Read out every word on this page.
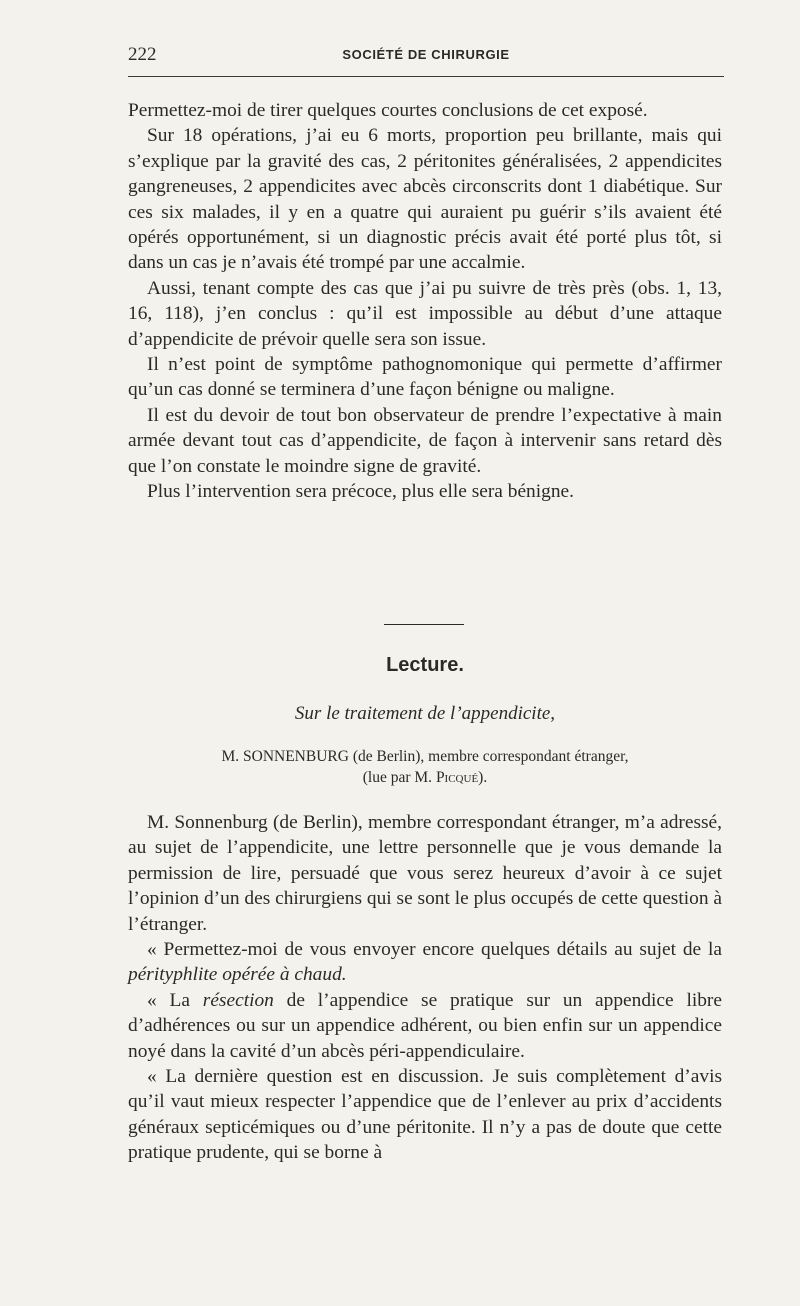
222	SOCIÉTÉ DE CHIRURGIE

Permettez-moi de tirer quelques courtes conclusions de cet exposé.

Sur 18 opérations, j’ai eu 6 morts, proportion peu brillante, mais qui s’explique par la gravité des cas, 2 péritonites généralisées, 2 appendicites gangreneuses, 2 appendicites avec abcès circonscrits dont 1 diabétique. Sur ces six malades, il y en a quatre qui auraient pu guérir s’ils avaient été opérés opportunément, si un diagnostic précis avait été porté plus tôt, si dans un cas je n’avais été trompé par une accalmie.

Aussi, tenant compte des cas que j’ai pu suivre de très près (obs. 1, 13, 16, 118), j’en conclus : qu’il est impossible au début d’une attaque d’appendicite de prévoir quelle sera son issue.

Il n’est point de symptôme pathognomonique qui permette d’affirmer qu’un cas donné se terminera d’une façon bénigne ou maligne.

Il est du devoir de tout bon observateur de prendre l’expectative à main armée devant tout cas d’appendicite, de façon à intervenir sans retard dès que l’on constate le moindre signe de gravité.

Plus l’intervention sera précoce, plus elle sera bénigne.

Lecture.
Sur le traitement de l’appendicite,
M. SONNENBURG (de Berlin), membre correspondant étranger,
(lue par M. Picqué).

M. Sonnenburg (de Berlin), membre correspondant étranger, m’a adressé, au sujet de l’appendicite, une lettre personnelle que je vous demande la permission de lire, persuadé que vous serez heureux d’avoir à ce sujet l’opinion d’un des chirurgiens qui se sont le plus occupés de cette question à l’étranger.

« Permettez-moi de vous envoyer encore quelques détails au sujet de la pérityphlite opérée à chaud.

« La résection de l’appendice se pratique sur un appendice libre d’adhérences ou sur un appendice adhérent, ou bien enfin sur un appendice noyé dans la cavité d’un abcès péri-appendiculaire.

« La dernière question est en discussion. Je suis complètement d’avis qu’il vaut mieux respecter l’appendice que de l’enlever au prix d’accidents généraux septicémiques ou d’une péritonite. Il n’y a pas de doute que cette pratique prudente, qui se borne à
